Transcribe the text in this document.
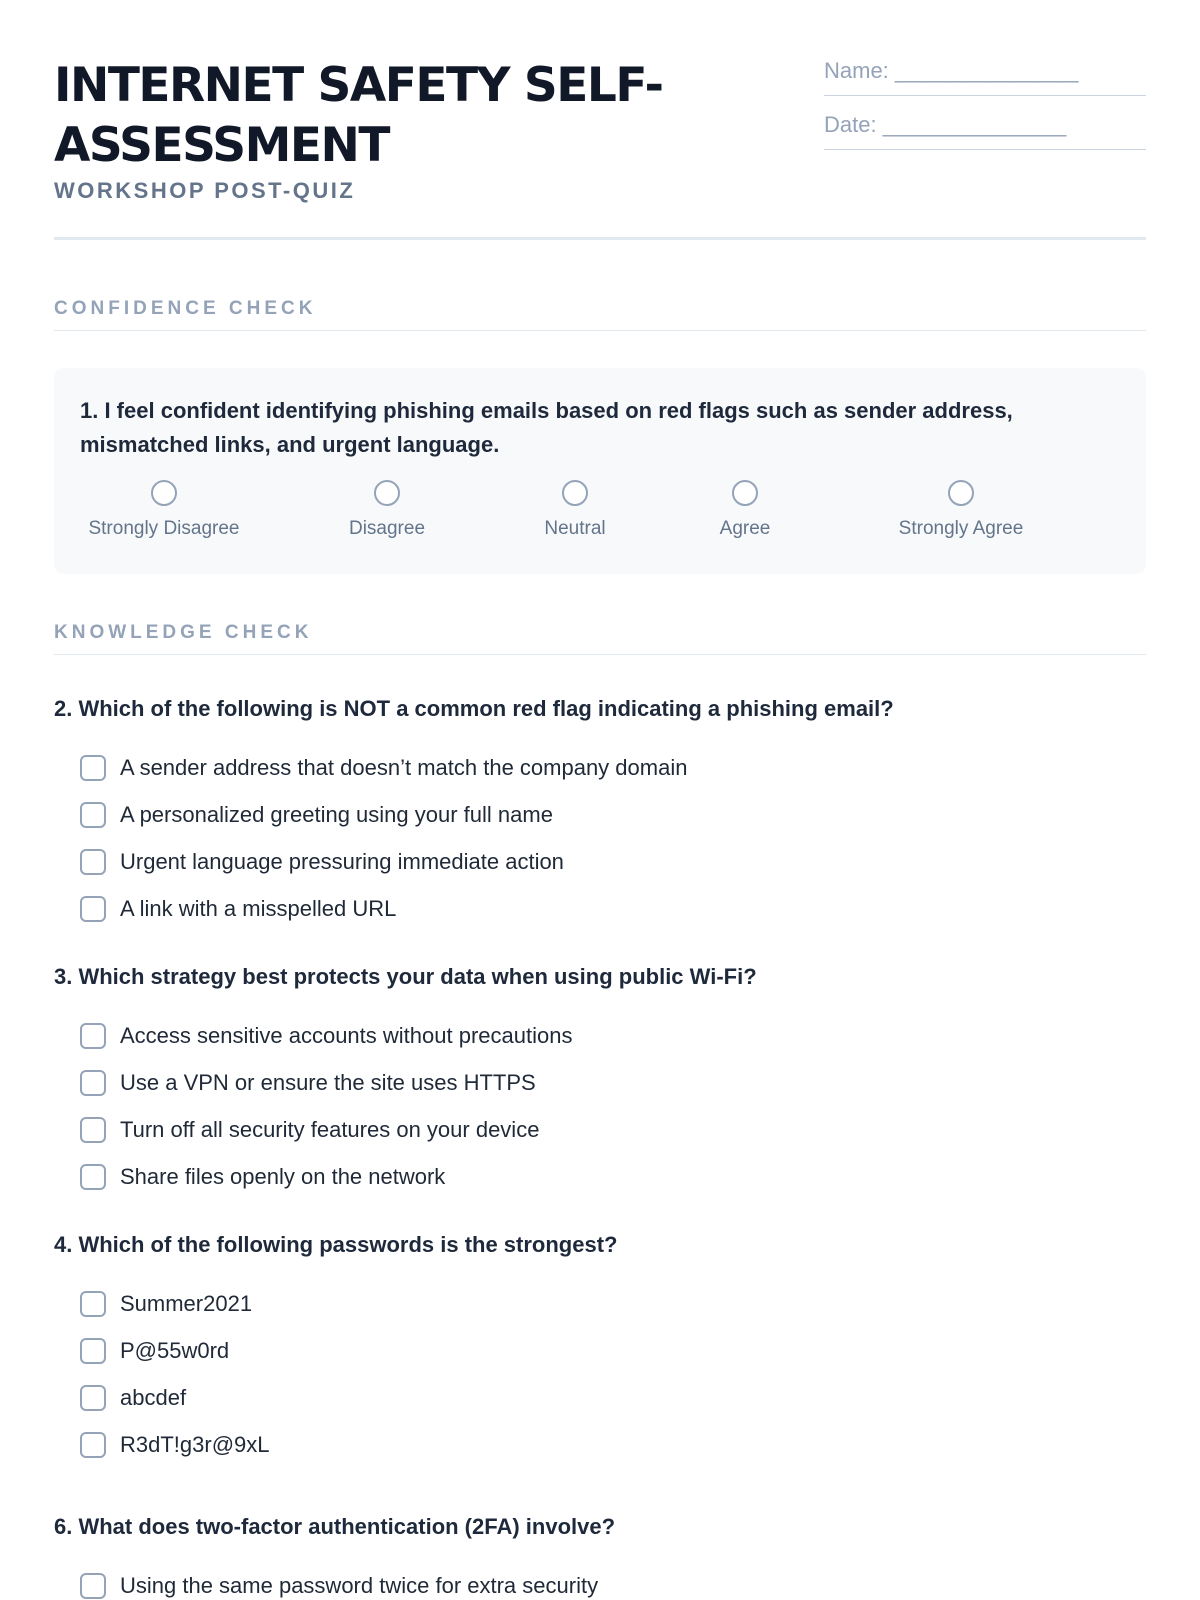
INTERNET SAFETY SELF-ASSESSMENT
WORKSHOP POST-QUIZ
Name: _______________
Date: _______________
CONFIDENCE CHECK
1. I feel confident identifying phishing emails based on red flags such as sender address, mismatched links, and urgent language.
Strongly Disagree	Disagree	Neutral	Agree	Strongly Agree
KNOWLEDGE CHECK
2. Which of the following is NOT a common red flag indicating a phishing email?
A sender address that doesn’t match the company domain
A personalized greeting using your full name
Urgent language pressuring immediate action
A link with a misspelled URL
3. Which strategy best protects your data when using public Wi-Fi?
Access sensitive accounts without precautions
Use a VPN or ensure the site uses HTTPS
Turn off all security features on your device
Share files openly on the network
4. Which of the following passwords is the strongest?
Summer2021
P@55w0rd
abcdef
R3dT!g3r@9xL
6. What does two-factor authentication (2FA) involve?
Using the same password twice for extra security
